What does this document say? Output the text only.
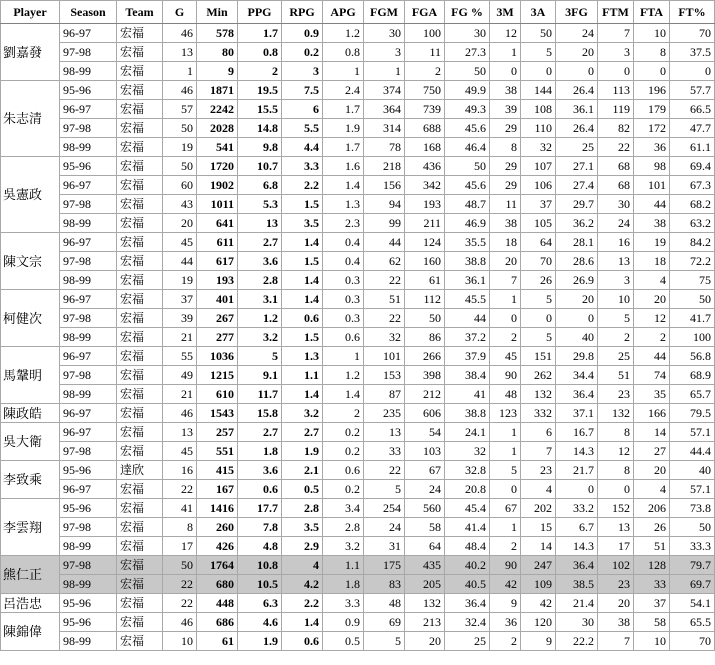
Player	Season	Team	G	Min	PPG	RPG	APG	FGM	FGA	FG %	3M	3A	3FG	FTM	FTA	FT%
劉嘉發	96-97	宏福	46	578	1.7	0.9	1.2	30	100	30	12	50	24	7	10	70
	97-98	宏福	13	80	0.8	0.2	0.8	3	11	27.3	1	5	20	3	8	37.5
	98-99	宏福	1	9	2	3	1	1	2	50	0	0	0	0	0	0
朱志清	95-96	宏福	46	1871	19.5	7.5	2.4	374	750	49.9	38	144	26.4	113	196	57.7
	96-97	宏福	57	2242	15.5	6	1.7	364	739	49.3	39	108	36.1	119	179	66.5
	97-98	宏福	50	2028	14.8	5.5	1.9	314	688	45.6	29	110	26.4	82	172	47.7
	98-99	宏福	19	541	9.8	4.4	1.7	78	168	46.4	8	32	25	22	36	61.1
吳憲政	95-96	宏福	50	1720	10.7	3.3	1.6	218	436	50	29	107	27.1	68	98	69.4
	96-97	宏福	60	1902	6.8	2.2	1.4	156	342	45.6	29	106	27.4	68	101	67.3
	97-98	宏福	43	1011	5.3	1.5	1.3	94	193	48.7	11	37	29.7	30	44	68.2
	98-99	宏福	20	641	13	3.5	2.3	99	211	46.9	38	105	36.2	24	38	63.2
陳文宗	96-97	宏福	45	611	2.7	1.4	0.4	44	124	35.5	18	64	28.1	16	19	84.2
	97-98	宏福	44	617	3.6	1.5	0.4	62	160	38.8	20	70	28.6	13	18	72.2
	98-99	宏福	19	193	2.8	1.4	0.3	22	61	36.1	7	26	26.9	3	4	75
柯健次	96-97	宏福	37	401	3.1	1.4	0.3	51	112	45.5	1	5	20	10	20	50
	97-98	宏福	39	267	1.2	0.6	0.3	22	50	44	0	0	0	5	12	41.7
	98-99	宏福	21	277	3.2	1.5	0.6	32	86	37.2	2	5	40	2	2	100
馬鞶明	96-97	宏福	55	1036	5	1.3	1	101	266	37.9	45	151	29.8	25	44	56.8
	97-98	宏福	49	1215	9.1	1.1	1.2	153	398	38.4	90	262	34.4	51	74	68.9
	98-99	宏福	21	610	11.7	1.4	1.4	87	212	41	48	132	36.4	23	35	65.7
陳政皓	96-97	宏福	46	1543	15.8	3.2	2	235	606	38.8	123	332	37.1	132	166	79.5
吳大衛	96-97	宏福	13	257	2.7	2.7	0.2	13	54	24.1	1	6	16.7	8	14	57.1
	97-98	宏福	45	551	1.8	1.9	0.2	33	103	32	1	7	14.3	12	27	44.4
李致乘	95-96	達欣	16	415	3.6	2.1	0.6	22	67	32.8	5	23	21.7	8	20	40
	96-97	宏福	22	167	0.6	0.5	0.2	5	24	20.8	0	4	0	0	4	57.1
李雲翔	95-96	宏福	41	1416	17.7	2.8	3.4	254	560	45.4	67	202	33.2	152	206	73.8
	97-98	宏福	8	260	7.8	3.5	2.8	24	58	41.4	1	15	6.7	13	26	50
	98-99	宏福	17	426	4.8	2.9	3.2	31	64	48.4	2	14	14.3	17	51	33.3
熊仁正	97-98	宏福	50	1764	10.8	4	1.1	175	435	40.2	90	247	36.4	102	128	79.7
	98-99	宏福	22	680	10.5	4.2	1.8	83	205	40.5	42	109	38.5	23	33	69.7
呂浩忠	95-96	宏福	22	448	6.3	2.2	3.3	48	132	36.4	9	42	21.4	20	37	54.1
陳錦偉	95-96	宏福	46	686	4.6	1.4	0.9	69	213	32.4	36	120	30	38	58	65.5
	98-99	宏福	10	61	1.9	0.6	0.5	5	20	25	2	9	22.2	7	10	70
